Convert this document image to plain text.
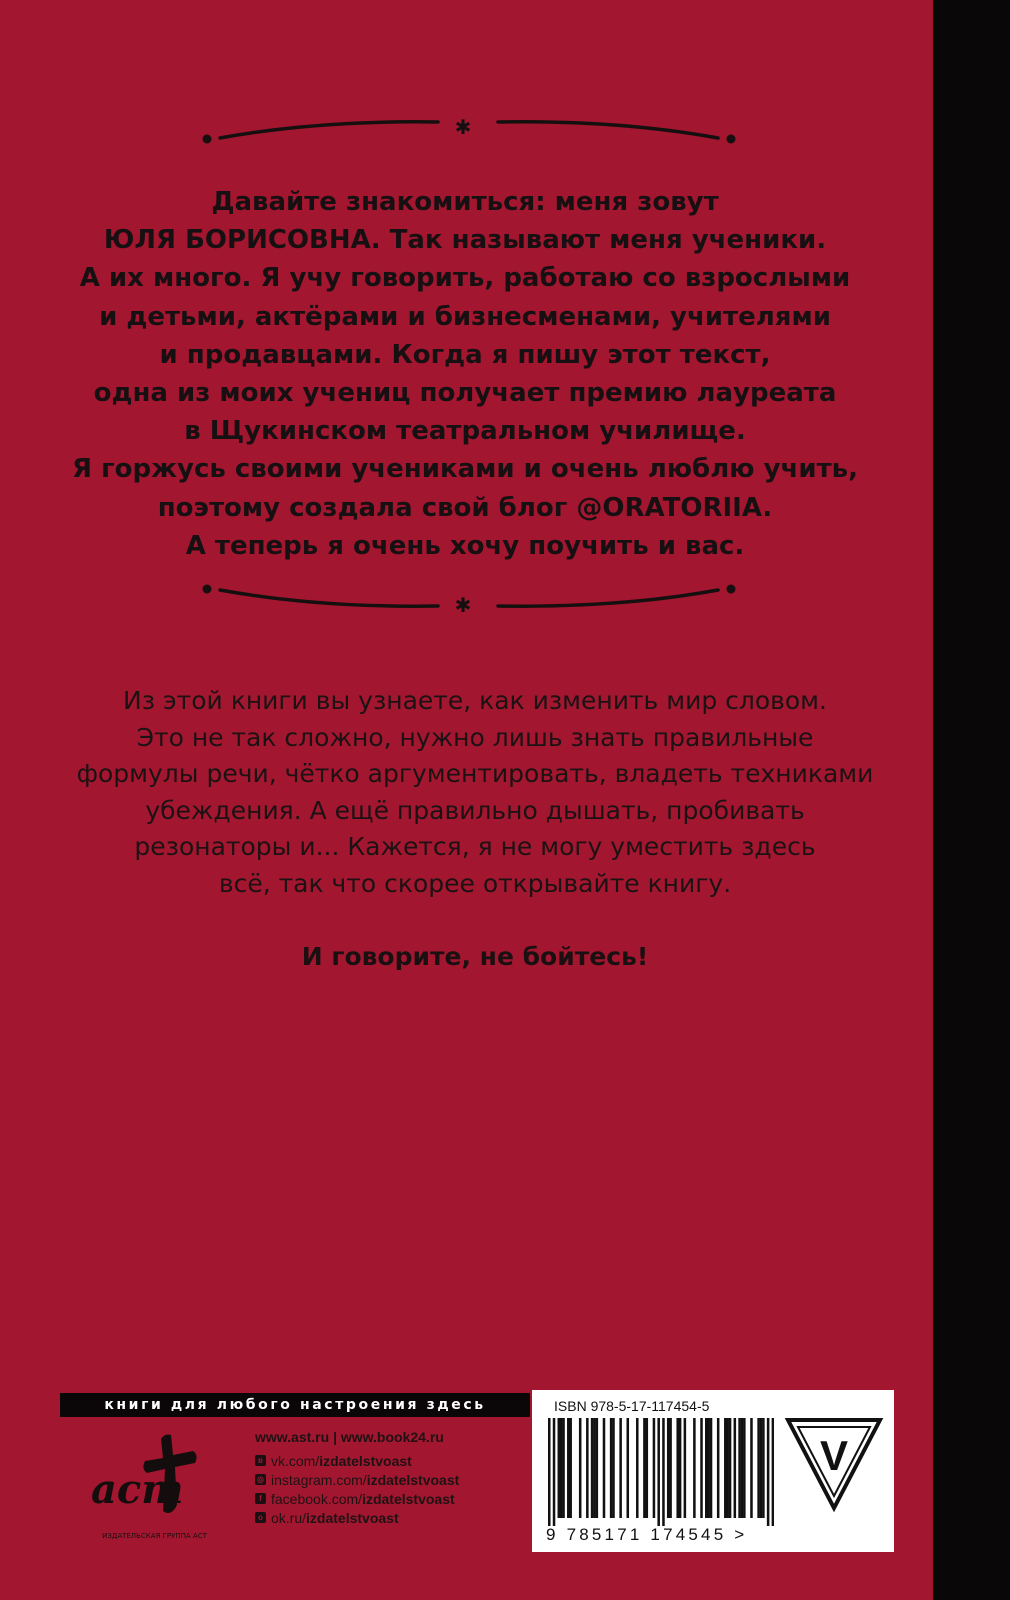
✱
Давайте знакомиться: меня зовут
ЮЛЯ БОРИСОВНА. Так называют меня ученики.
А их много. Я учу говорить, работаю со взрослыми
и детьми, актёрами и бизнесменами, учителями
и продавцами. Когда я пишу этот текст,
одна из моих учениц получает премию лауреата
в Щукинском театральном училище.
Я горжусь своими учениками и очень люблю учить,
поэтому создала свой блог @ORATORIIA.
А теперь я очень хочу поучить и вас.
✱
Из этой книги вы узнаете, как изменить мир словом.
Это не так сложно, нужно лишь знать правильные
формулы речи, чётко аргументировать, владеть техниками
убеждения. А ещё правильно дышать, пробивать
резонаторы и... Кажется, я не могу уместить здесь
всё, так что скорее открывайте книгу.
И говорите, не бойтесь!
книги для любого настроения здесь
аст
ИЗДАТЕЛЬСКАЯ ГРУППА АСТ
www.ast.ru | www.book24.ru
в vk.com/ izdatelstvoast
◎ instagram.com/ izdatelstvoast
f facebook.com/ izdatelstvoast
о ok.ru/ izdatelstvoast
ISBN 978-5-17-117454-5
9 785171 174545 >
V
